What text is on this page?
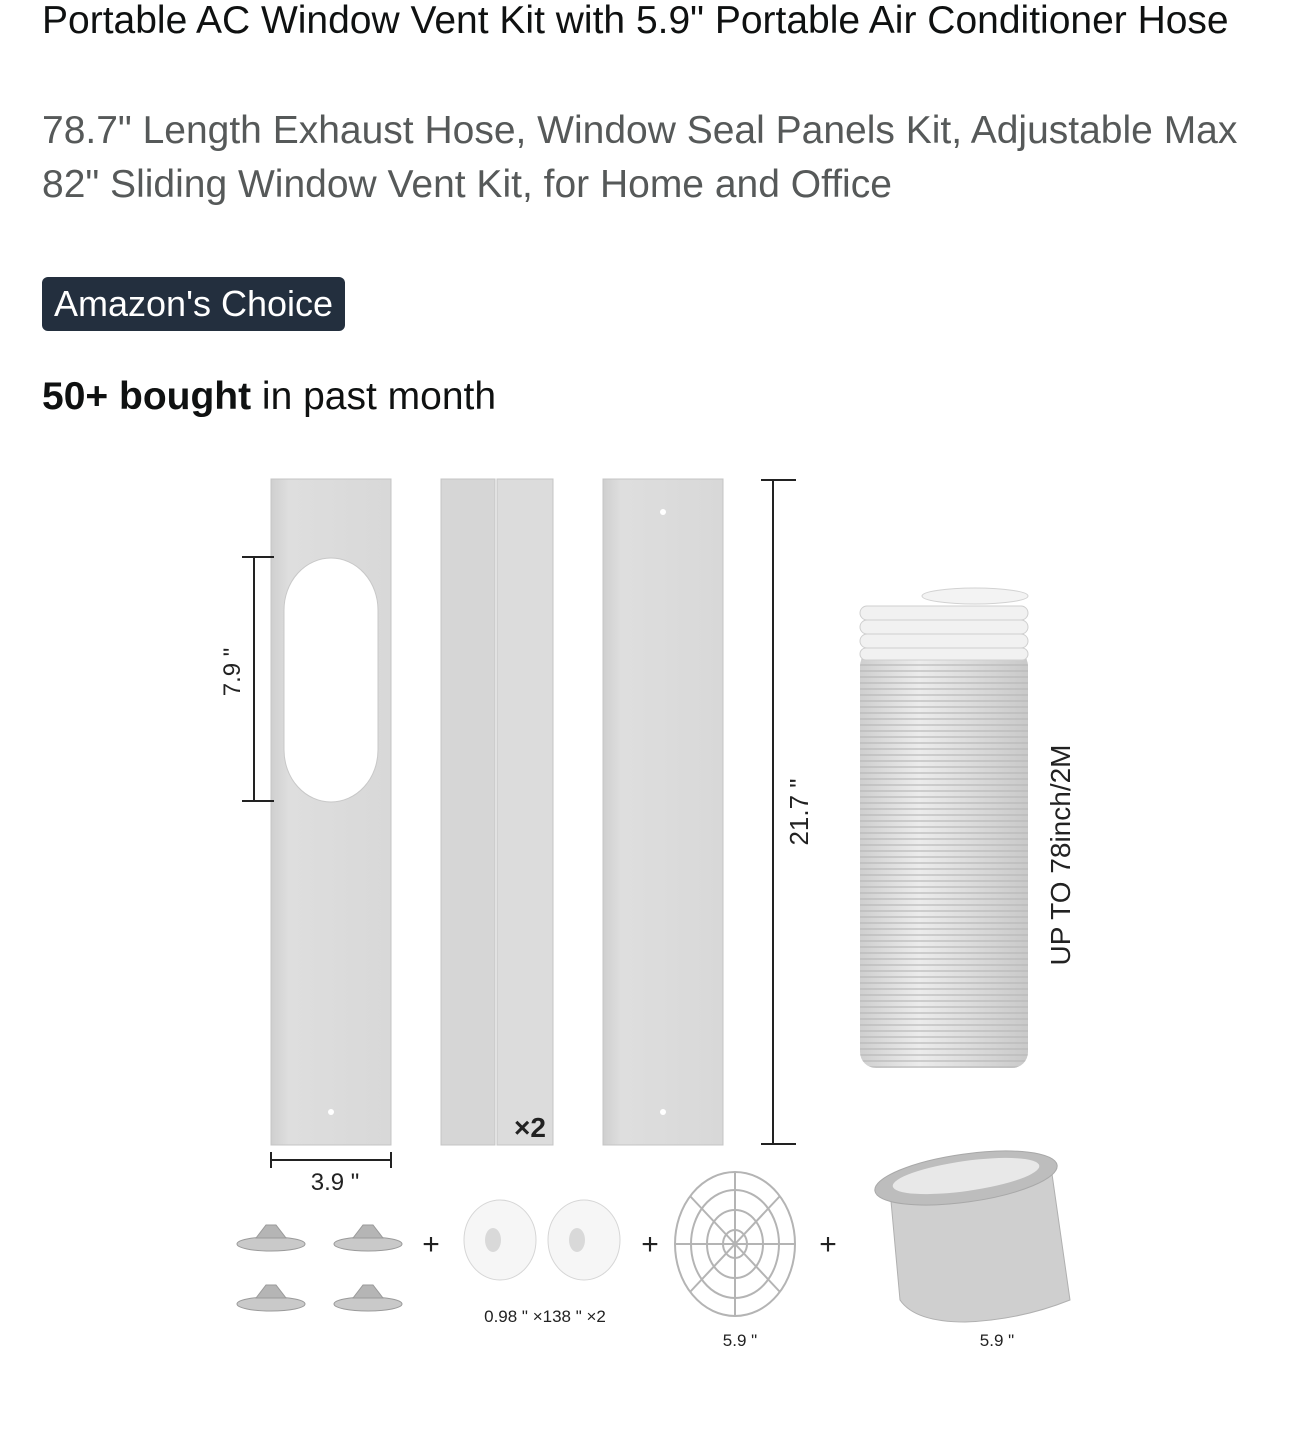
Portable AC Window Vent Kit with 5.9" Portable Air Conditioner Hose

78.7" Length Exhaust Hose, Window Seal Panels Kit, Adjustable Max 82" Sliding Window Vent Kit, for Home and Office

Amazon's Choice
50+ bought in past month
7.9 "
21.7 "
3.9 "
×2
UP TO 78inch/2M
+
0.98 " ×138 " ×2
+
5.9 "
+
5.9 "
